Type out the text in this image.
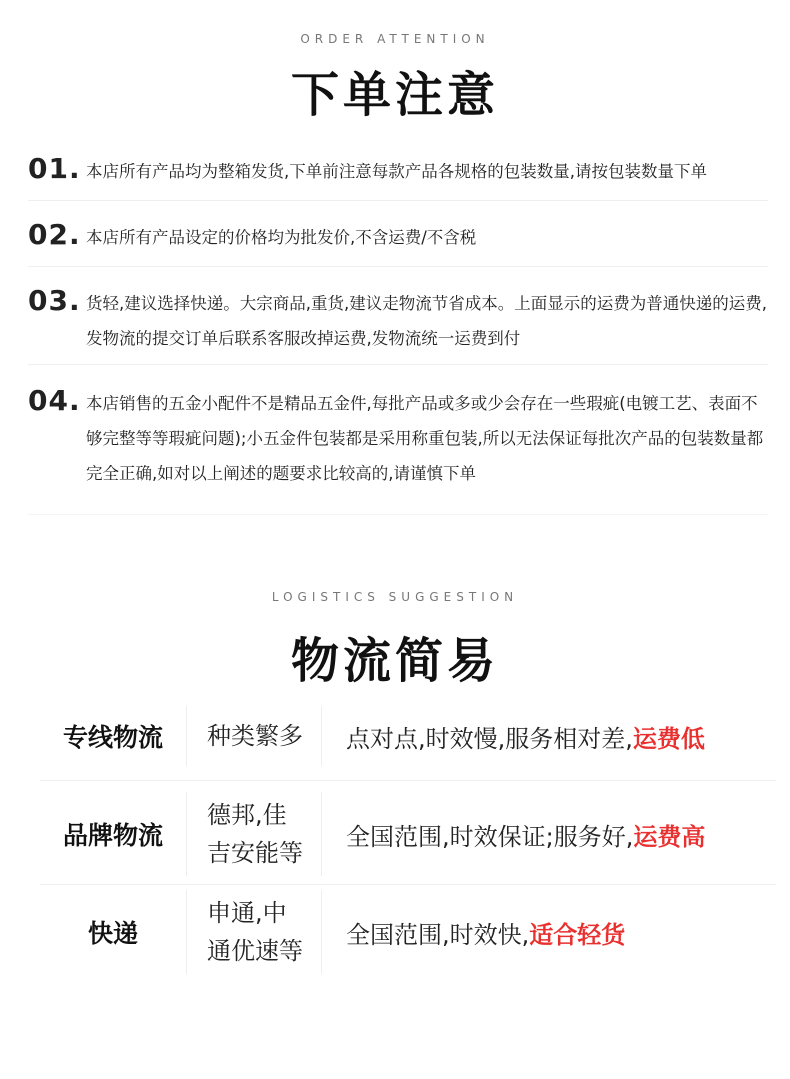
ORDER ATTENTION
下单注意
01. 本店所有产品均为整箱发货,下单前注意每款产品各规格的包装数量,请按包装数量下单
02. 本店所有产品设定的价格均为批发价,不含运费/不含税
03. 货轻,建议选择快递。大宗商品,重货,建议走物流节省成本。上面显示的运费为普通快递的运费,发物流的提交订单后联系客服改掉运费,发物流统一运费到付
04. 本店销售的五金小配件不是精品五金件,每批产品或多或少会存在一些瑕疵(电镀工艺、表面不够完整等等瑕疵问题);小五金件包装都是采用称重包装,所以无法保证每批次产品的包装数量都完全正确,如对以上阐述的题要求比较高的,请谨慎下单
LOGISTICS SUGGESTION
物流简易
专线物流	种类繁多	点对点,时效慢,服务相对差, 运费低
品牌物流
德邦,佳吉安能等
全国范围,时效保证;服务好, 运费高
快递
申通,中通优速等
全国范围,时效快, 适合轻货
